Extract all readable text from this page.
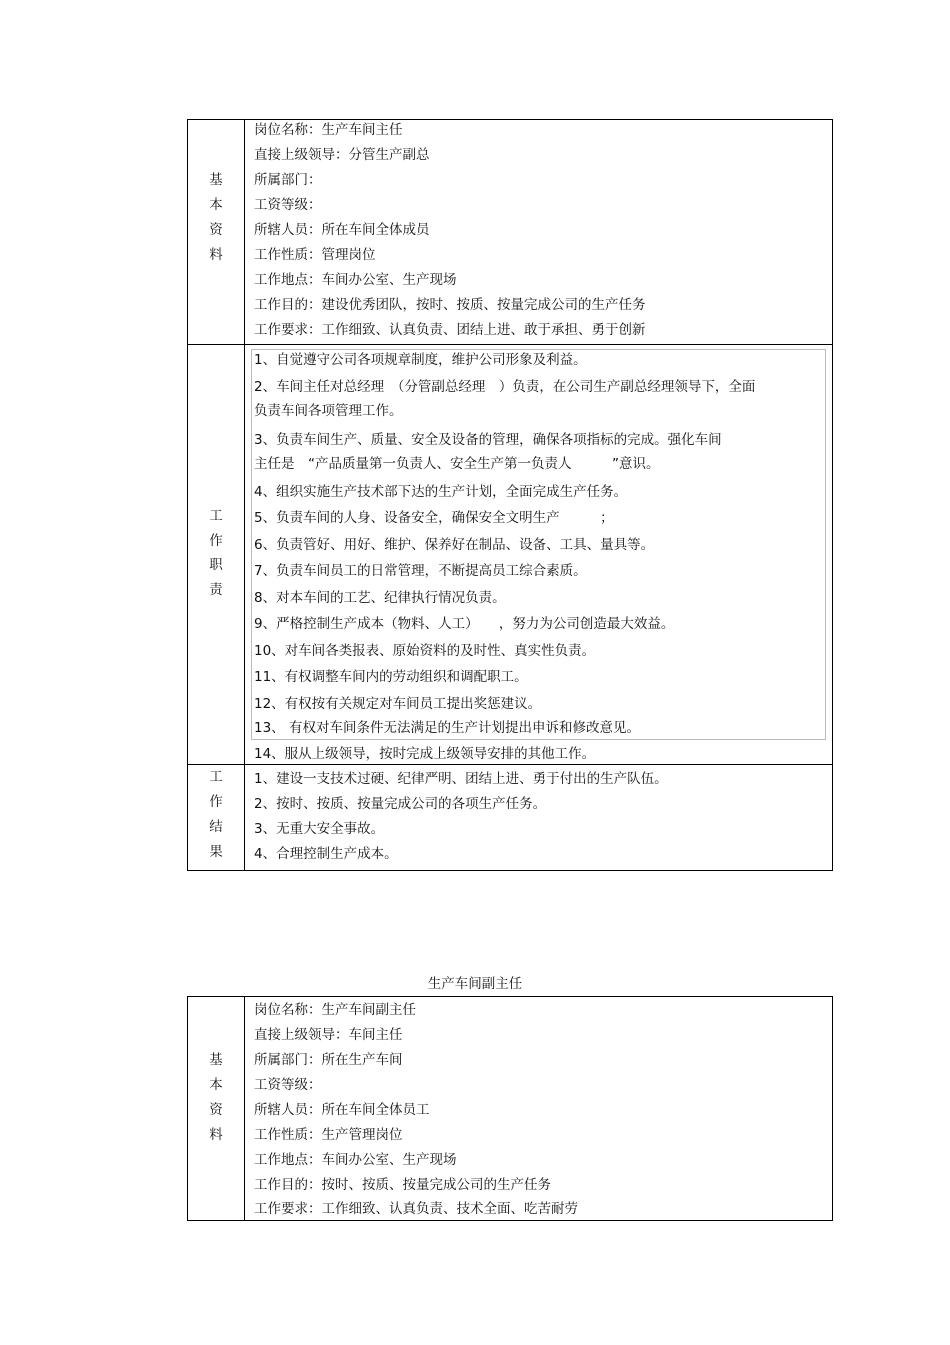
基
本
资
料
岗位名称：生产车间主任
直接上级领导：分管生产副总
所属部门：
工资等级：
所辖人员：所在车间全体成员
工作性质：管理岗位
工作地点：车间办公室、生产现场
工作目的：建设优秀团队，按时、按质、按量完成公司的生产任务
工作要求：工作细致、认真负责、团结上进、敢于承担、勇于创新
工
作
职
责
1、自觉遵守公司各项规章制度，维护公司形象及利益。
2、车间主任对总经理　（分管副总经理　）负责，在公司生产副总经理领导下，全面
负责车间各项管理工作。
3、负责车间生产、质量、安全及设备的管理，确保各项指标的完成。强化车间
主任是　“产品质量第一负责人、安全生产第一负责人　　　”意识。
4、组织实施生产技术部下达的生产计划，全面完成生产任务。
5、负责车间的人身、设备安全，确保安全文明生产　　　；
6、负责管好、用好、维护、保养好在制品、设备、工具、量具等。
7、负责车间员工的日常管理，不断提高员工综合素质。
8、对本车间的工艺、纪律执行情况负责。
9、严格控制生产成本（物料、人工）　　，努力为公司创造最大效益。
10、对车间各类报表、原始资料的及时性、真实性负责。
11、有权调整车间内的劳动组织和调配职工。
12、有权按有关规定对车间员工提出奖惩建议。
13、 有权对车间条件无法满足的生产计划提出申诉和修改意见。
14、服从上级领导，按时完成上级领导安排的其他工作。
工
作
结
果
1、建设一支技术过硬、纪律严明、团结上进、勇于付出的生产队伍。
2、按时、按质、按量完成公司的各项生产任务。
3、无重大安全事故。
4、合理控制生产成本。
生产车间副主任
基
本
资
料
岗位名称：生产车间副主任
直接上级领导：车间主任
所属部门：所在生产车间
工资等级：
所辖人员：所在车间全体员工
工作性质：生产管理岗位
工作地点：车间办公室、生产现场
工作目的：按时、按质、按量完成公司的生产任务
工作要求：工作细致、认真负责、技术全面、吃苦耐劳
